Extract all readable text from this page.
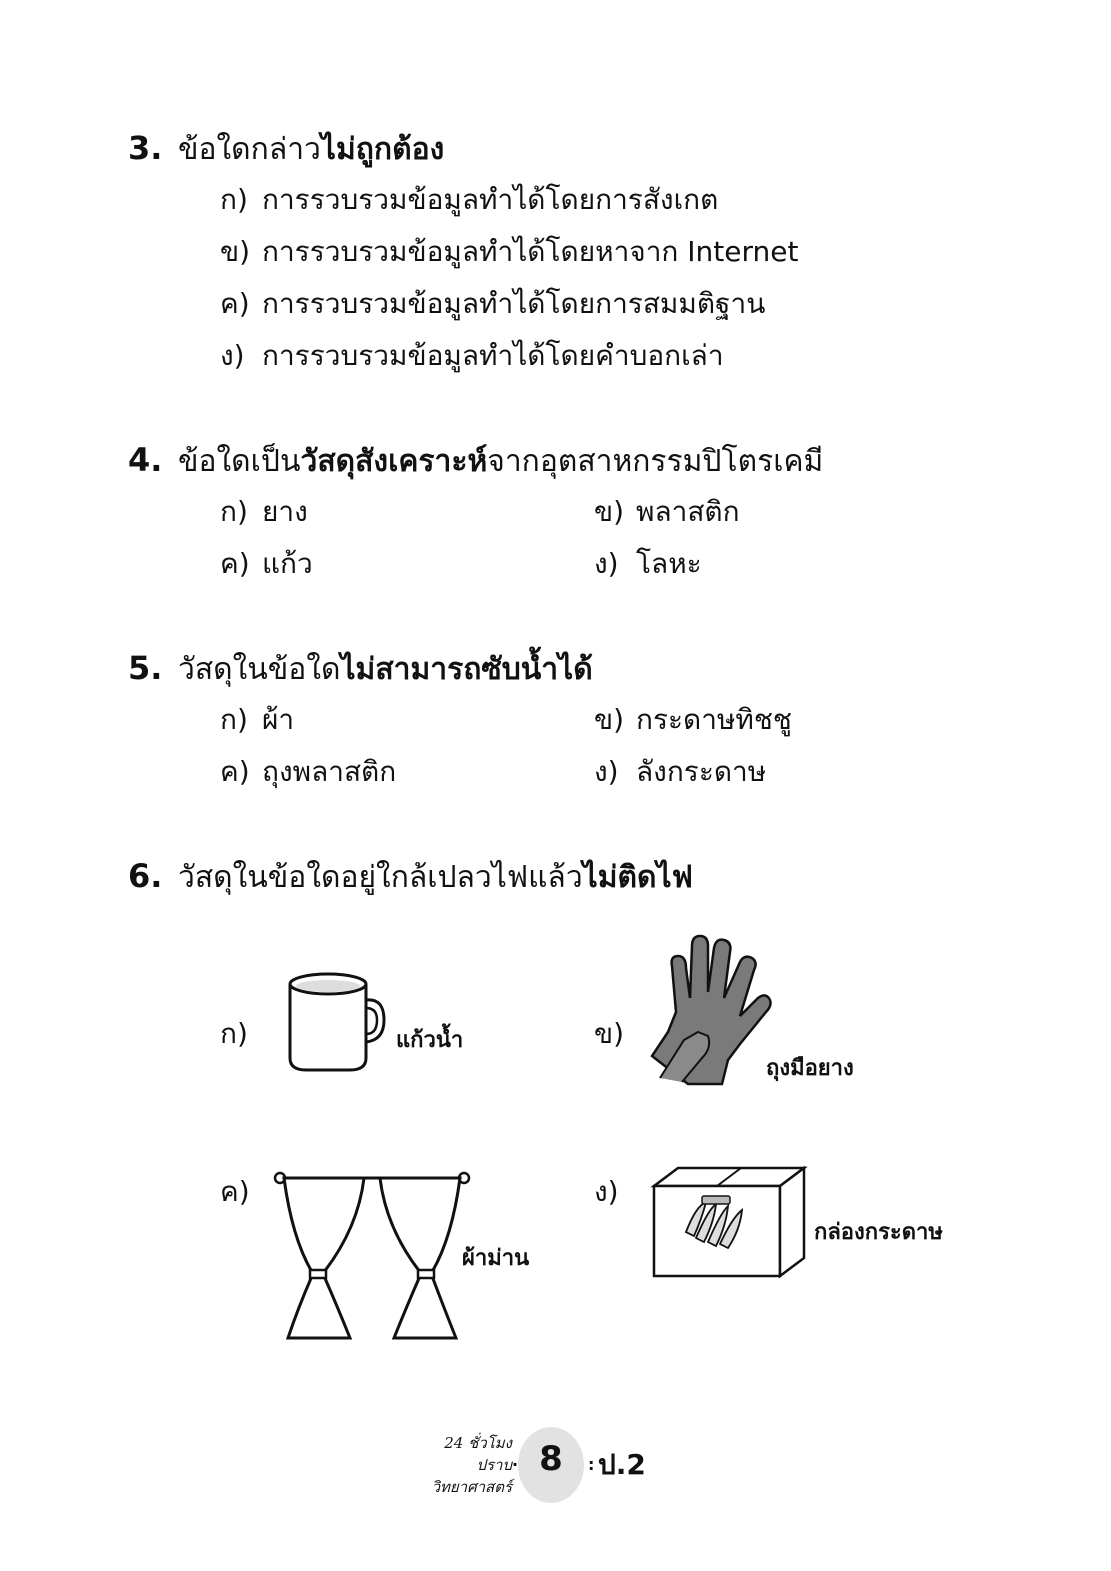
3. ข้อใดกล่าวไม่ถูกต้อง
ก) การรวบรวมข้อมูลทำได้โดยการสังเกต
ข) การรวบรวมข้อมูลทำได้โดยหาจาก Internet
ค) การรวบรวมข้อมูลทำได้โดยการสมมติฐาน
ง) การรวบรวมข้อมูลทำได้โดยคำบอกเล่า
4. ข้อใดเป็นวัสดุสังเคราะห์จากอุตสาหกรรมปิโตรเคมี
ก) ยาง	ข) พลาสติก
ค) แก้ว	ง) โลหะ
5. วัสดุในข้อใดไม่สามารถซับน้ำได้
ก) ผ้า	ข) กระดาษทิชชู
ค) ถุงพลาสติก	ง) ลังกระดาษ
6. วัสดุในข้อใดอยู่ใกล้เปลวไฟแล้วไม่ติดไฟ
ก)	แก้วน้ำ	ข)
ถุงมือยาง
ค)
ผ้าม่าน
ง)
กล่องกระดาษ
24 ชั่วโมง
ปราบ
วิทยาศาสตร์
· 8	: ป.2
